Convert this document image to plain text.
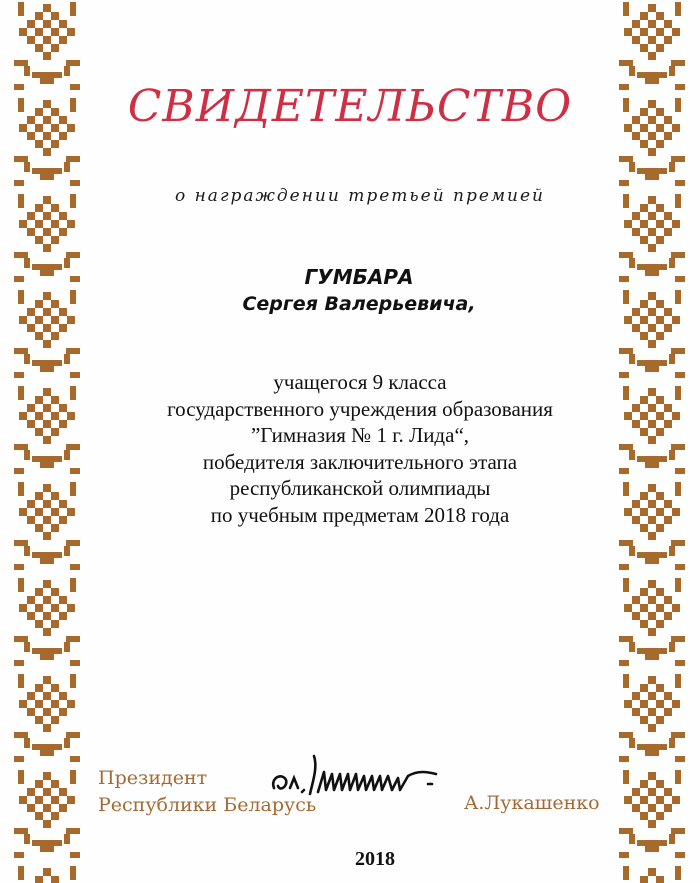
СВИДЕТЕЛЬСТВО
о награждении третьей премией
ГУМБАРА
Сергея Валерьевича,
учащегося 9 класса
государственного учреждения образования
”Гимназия № 1 г. Лида“,
победителя заключительного этапа
республиканской олимпиады
по учебным предметам 2018 года
Президент
Республики Беларусь	А.Лукашенко
2018
